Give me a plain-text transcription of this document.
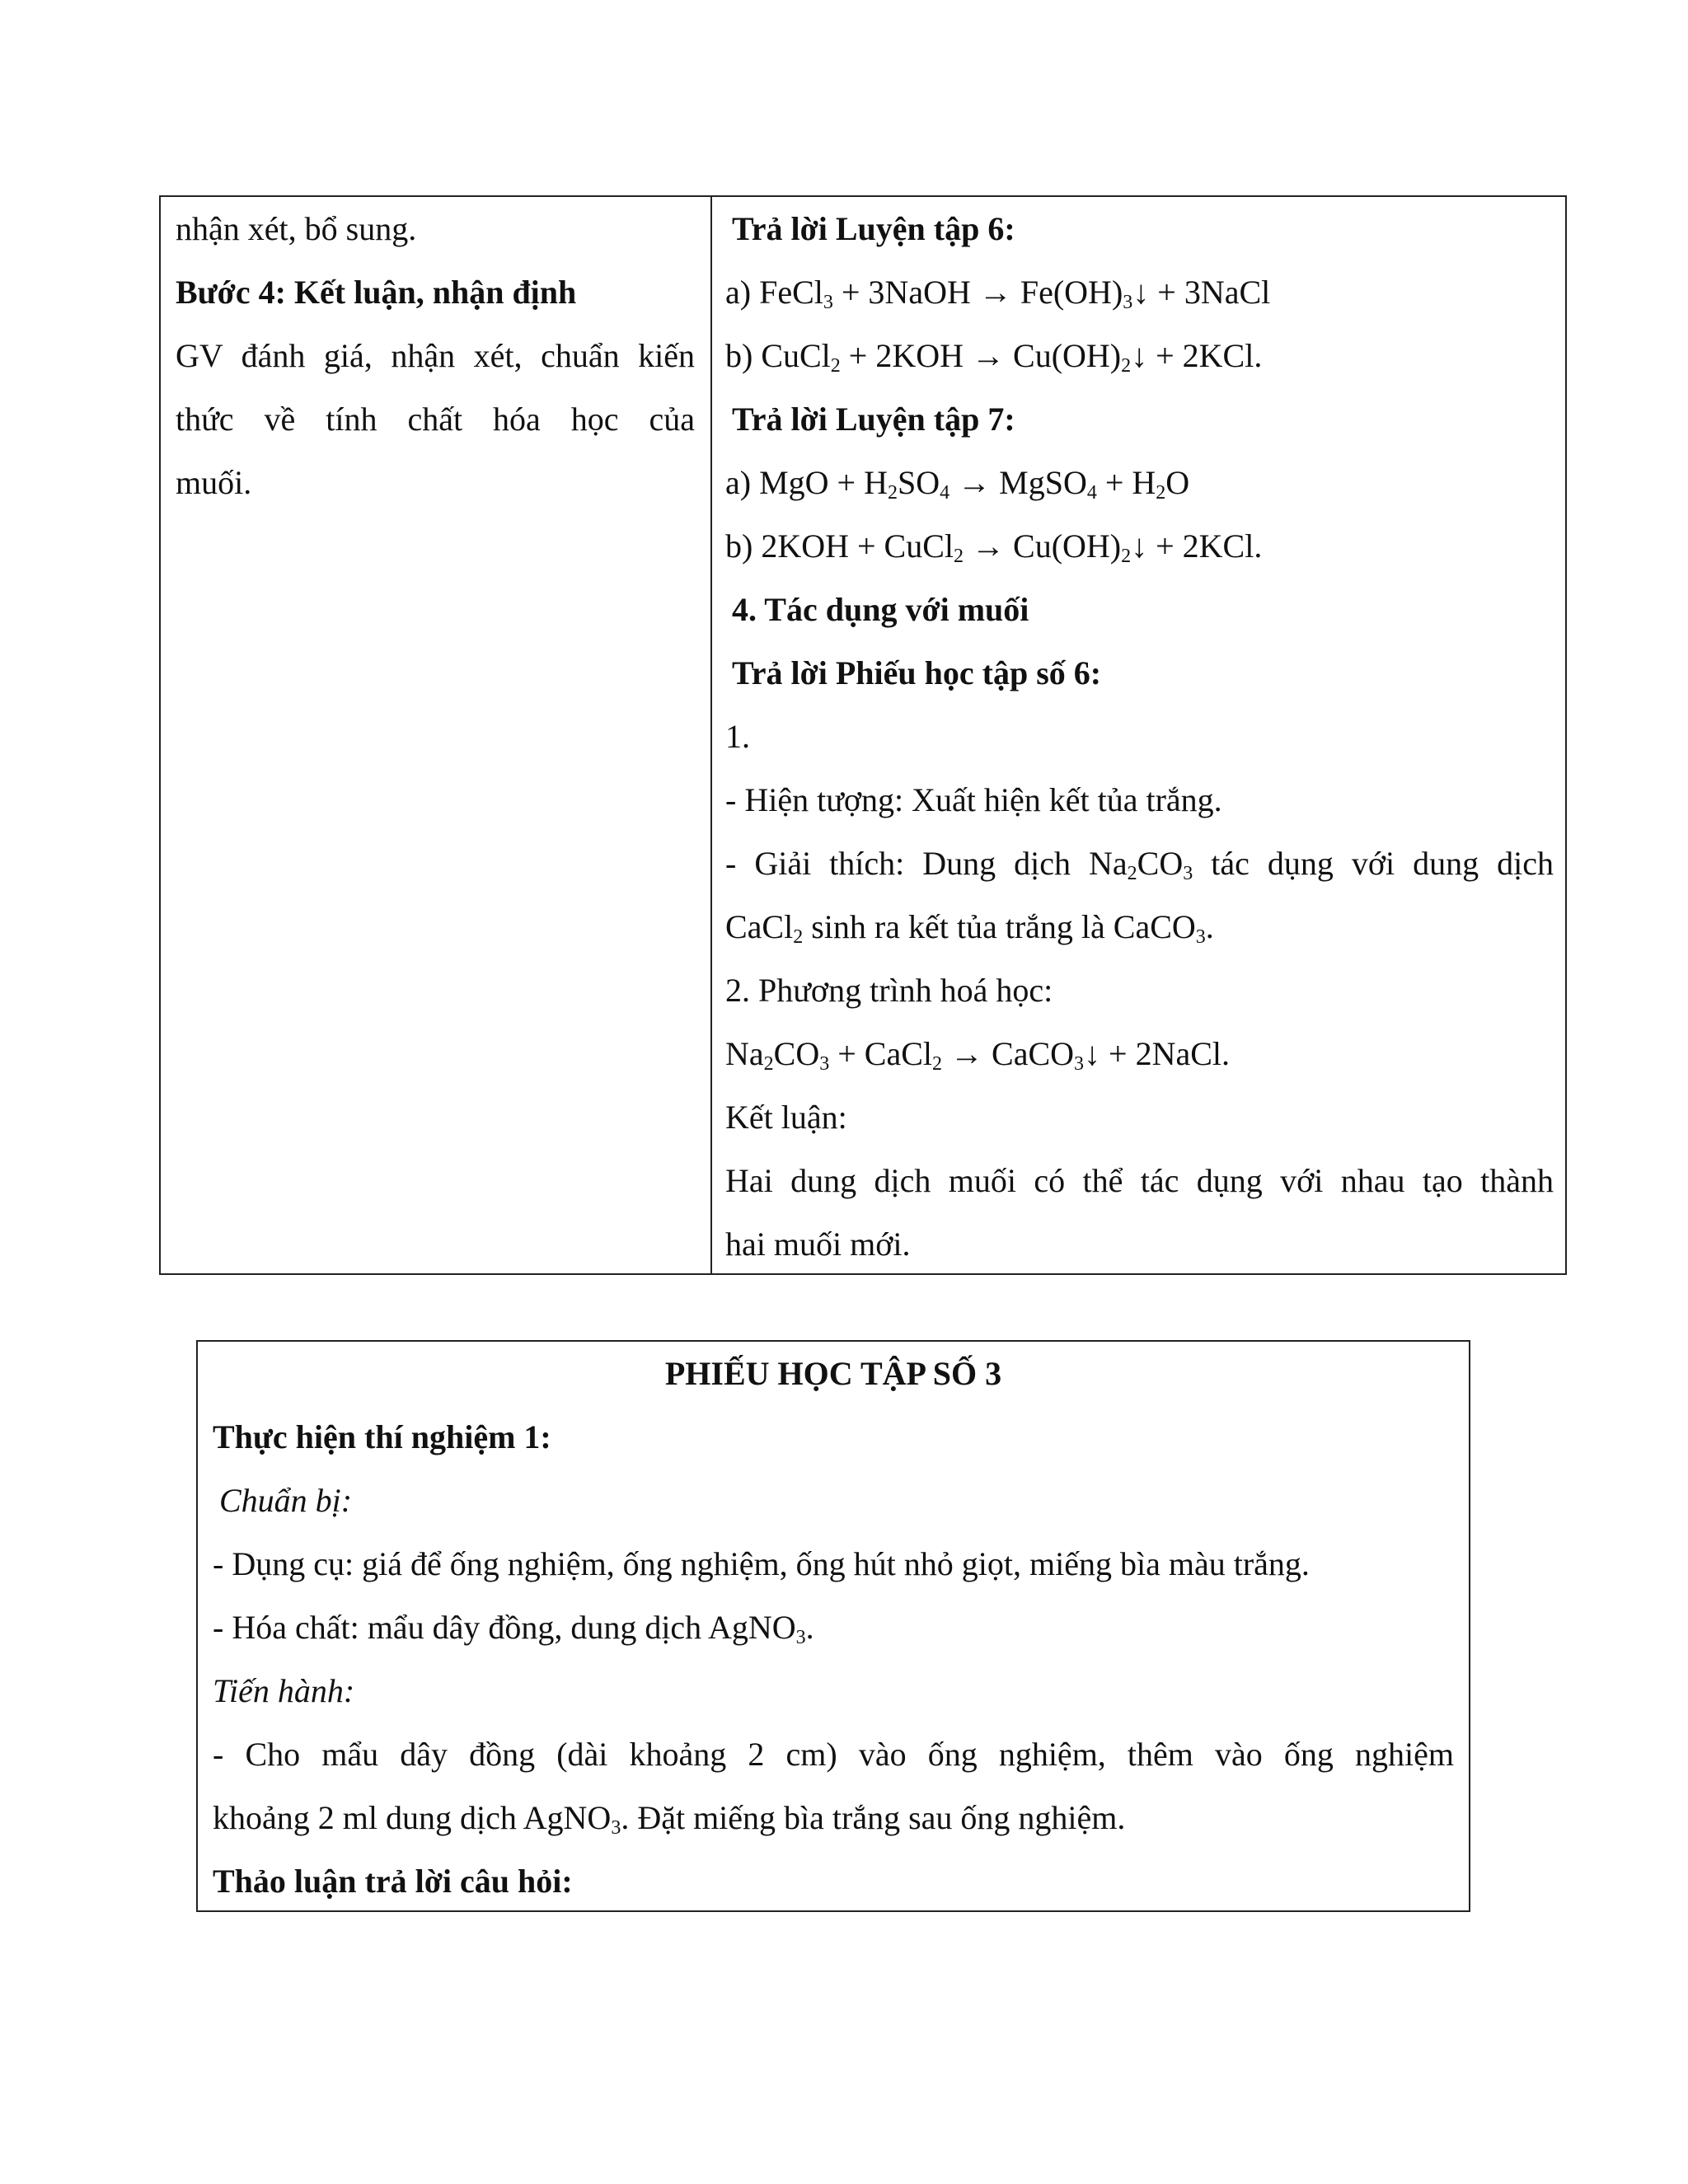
nhận xét, bổ sung.
Bước 4: Kết luận, nhận định
GV đánh giá, nhận xét, chuẩn kiến
thức về tính chất hóa học của
muối.
Trả lời Luyện tập 6:
a) FeCl$_3$ + 3NaOH → $Fe(OH)_3↓$ + 3NaCl
b) CuCl$_2$ + $2KOH \to Cu(OH)_2↓ + 2KCl$.
Trả lời Luyện tập 7:
a) MgO + $H_2SO_4$ → MgSO$_4$ + $H_2O$
b) 2KOH + CuCl$_2$ → $Cu(OH)_2↓ + 2KCl$.
4. Tác dụng với muối
Trả lời Phiếu học tập số 6:
1.
- Hiện tượng: Xuất hiện kết tủa trắng.
- Giải thích: Dung dịch $Na_2CO_3$ tác dụng với dung dịch
CaCl$_2$ sinh ra kết tủa trắng là CaCO$_3$.
2. Phương trình hoá học:
$Na_2CO_3$ + CaCl$_2$ → CaCO$_3$↓ + 2NaCl.
Kết luận:
Hai dung dịch muối có thể tác dụng với nhau tạo thành
hai muối mới.
PHIẾU HỌC TẬP SỐ 3
Thực hiện thí nghiệm 1:
Chuẩn bị:
- Dụng cụ: giá để ống nghiệm, ống nghiệm, ống hút nhỏ giọt, miếng bìa màu trắng.
- Hóa chất: mẩu dây đồng, dung dịch AgNO$_3$.
Tiến hành:
- Cho mẩu dây đồng (dài khoảng 2 cm) vào ống nghiệm, thêm vào ống nghiệm
khoảng 2 ml dung dịch AgNO$_3$. Đặt miếng bìa trắng sau ống nghiệm.
Thảo luận trả lời câu hỏi:
